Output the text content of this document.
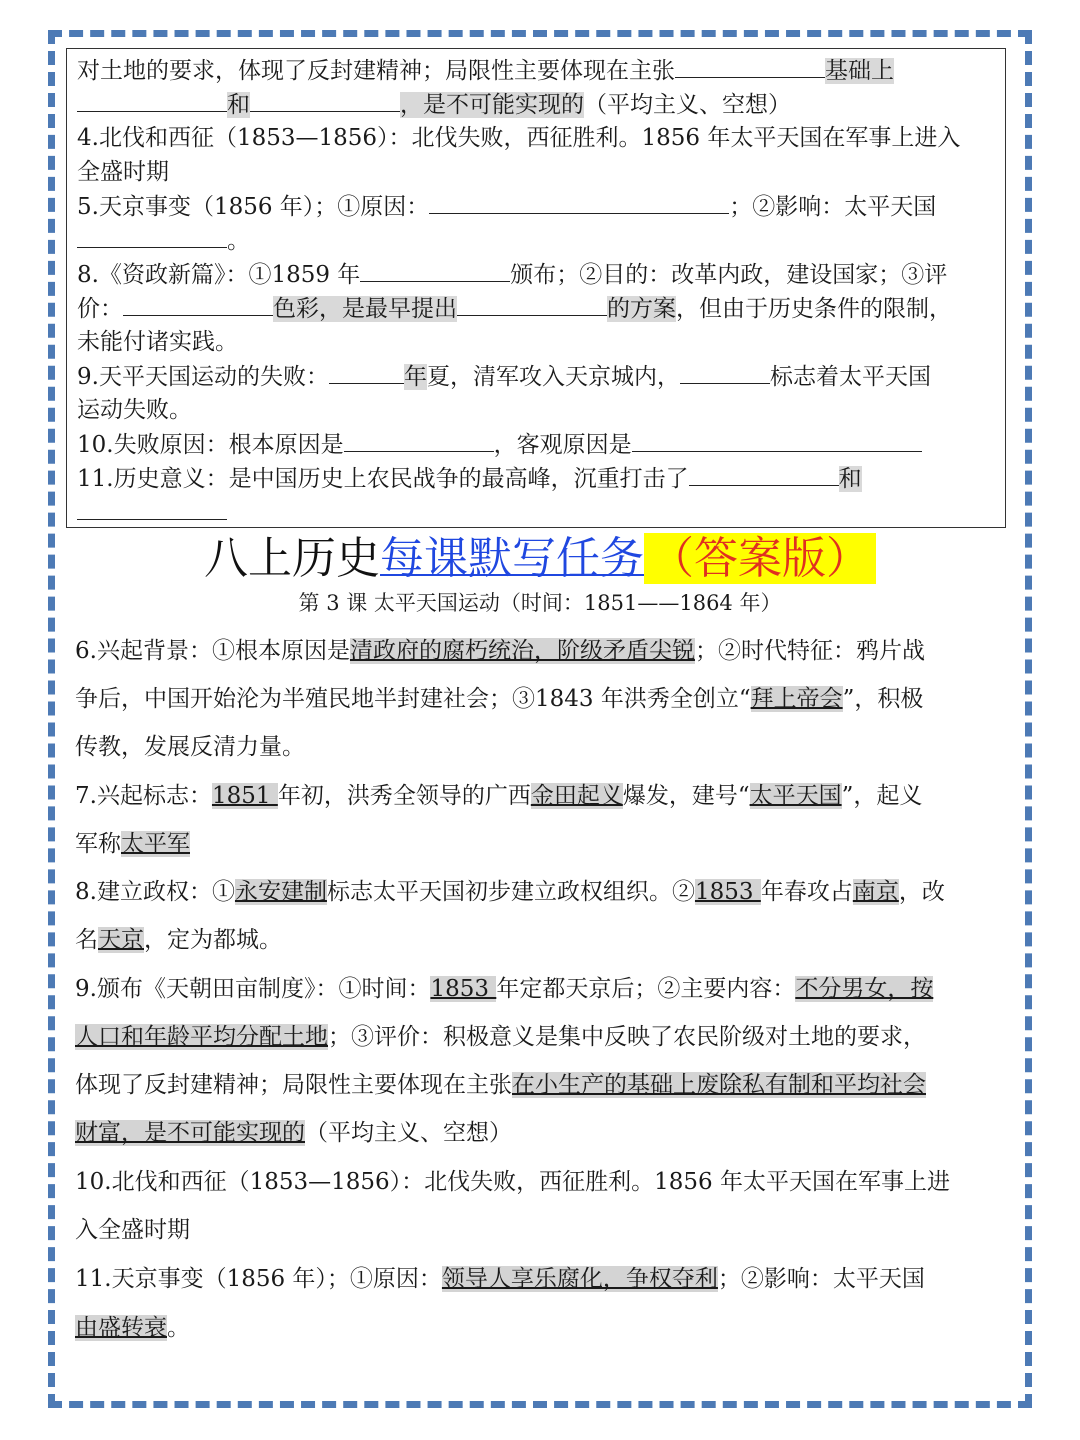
对土地的要求，体现了反封建精神；局限性主要体现在主张	基础上
和	，是不可能实现的（平均主义、空想）
4.北伐和西征（1853—1856）：北伐失败，西征胜利。1856 年太平天国在军事上进入
全盛时期
5.天京事变（1856 年）；①原因：	；②影响：太平天国
。
8.《资政新篇》：①1859 年	颁布；②目的：改革内政，建设国家；③评
价：	色彩，是最早提出	的方案，但由于历史条件的限制，
未能付诸实践。
9.天平天国运动的失败：	年夏，清军攻入天京城内，	标志着太平天国
运动失败。
10.失败原因：根本原因是	，客观原因是
11.历史意义：是中国历史上农民战争的最高峰，沉重打击了	和
八上历史每课默写任务 （答案版）
第 3 课 太平天国运动（时间：1851——1864 年）
6.兴起背景：①根本原因是清政府的腐朽统治，阶级矛盾尖锐；②时代特征：鸦片战
争后，中国开始沦为半殖民地半封建社会；③1843 年洪秀全创立“拜上帝会”，积极
传教，发展反清力量。
7.兴起标志：1851 年初，洪秀全领导的广西金田起义爆发，建号“太平天国”，起义
军称太平军
8.建立政权：①永安建制标志太平天国初步建立政权组织。②1853 年春攻占南京，改
名天京，定为都城。
9.颁布《天朝田亩制度》：①时间：1853 年定都天京后；②主要内容：不分男女，按
人口和年龄平均分配土地；③评价：积极意义是集中反映了农民阶级对土地的要求，
体现了反封建精神；局限性主要体现在主张在小生产的基础上废除私有制和平均社会
财富，是不可能实现的（平均主义、空想）
10.北伐和西征（1853—1856）：北伐失败，西征胜利。1856 年太平天国在军事上进
入全盛时期
11.天京事变（1856 年）；①原因：领导人享乐腐化，争权夺利；②影响：太平天国
由盛转衰。
